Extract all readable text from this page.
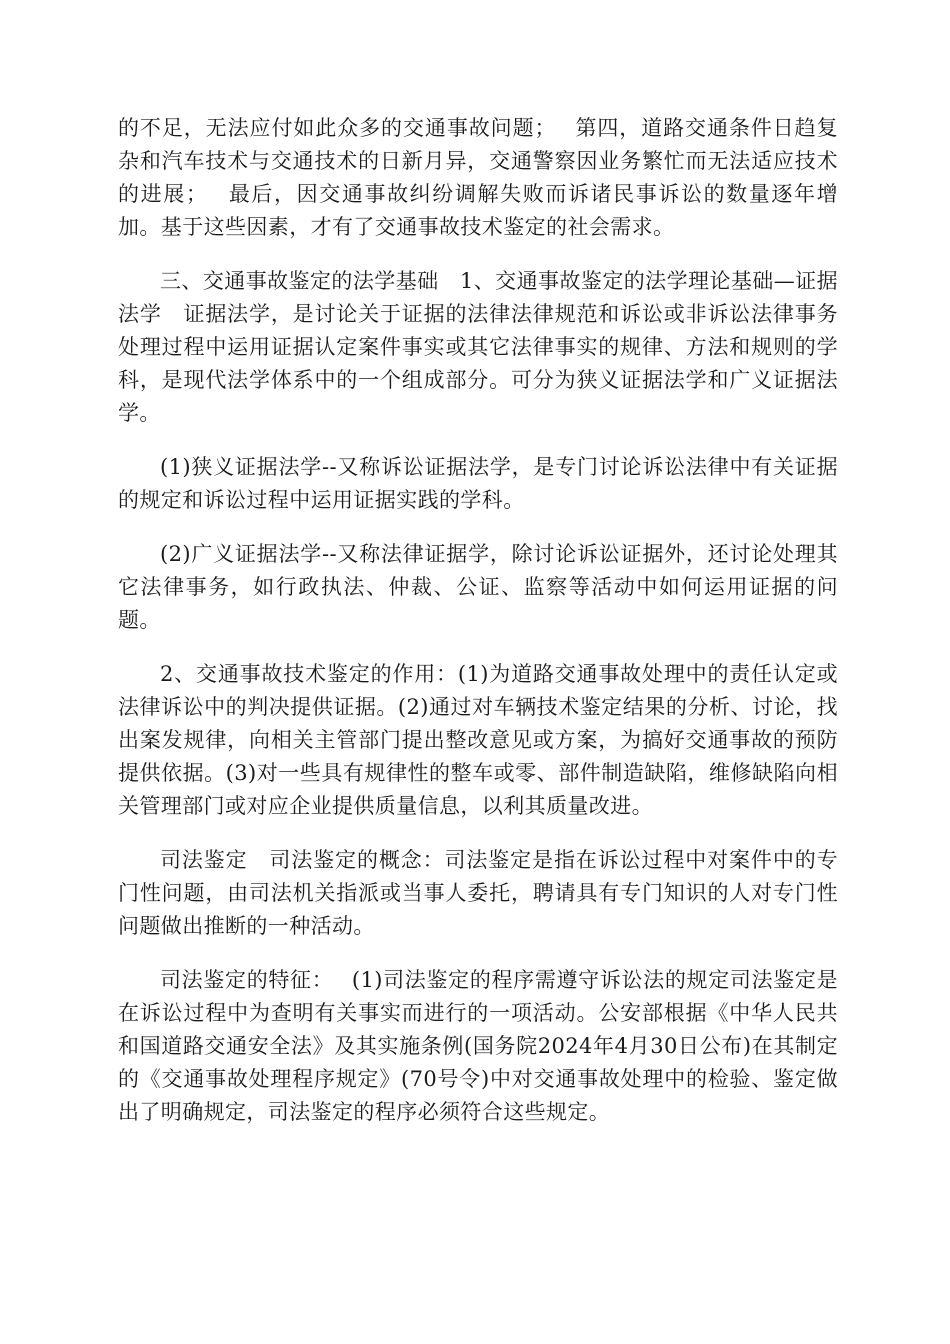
的不足，无法应付如此众多的交通事故问题；　 第四，道路交通条件日趋复杂和汽车技术与交通技术的日新月异，交通警察因业务繁忙而无法适应技术的进展；　 最后，因交通事故纠纷调解失败而诉诸民事诉讼的数量逐年增加。基于这些因素，才有了交通事故技术鉴定的社会需求。

三、交通事故鉴定的法学基础　1、交通事故鉴定的法学理论基础—证据法学　证据法学，是讨论关于证据的法律法律规范和诉讼或非诉讼法律事务处理过程中运用证据认定案件事实或其它法律事实的规律、方法和规则的学科，是现代法学体系中的一个组成部分。可分为狭义证据法学和广义证据法学。

(1)狭义证据法学--又称诉讼证据法学，是专门讨论诉讼法律中有关证据的规定和诉讼过程中运用证据实践的学科。

(2)广义证据法学--又称法律证据学，除讨论诉讼证据外，还讨论处理其它法律事务，如行政执法、仲裁、公证、监察等活动中如何运用证据的问题。

2、交通事故技术鉴定的作用：(1)为道路交通事故处理中的责任认定或法律诉讼中的判决提供证据。(2)通过对车辆技术鉴定结果的分析、讨论，找出案发规律，向相关主管部门提出整改意见或方案，为搞好交通事故的预防提供依据。(3)对一些具有规律性的整车或零、部件制造缺陷，维修缺陷向相关管理部门或对应企业提供质量信息，以利其质量改进。

司法鉴定　司法鉴定的概念：司法鉴定是指在诉讼过程中对案件中的专门性问题，由司法机关指派或当事人委托，聘请具有专门知识的人对专门性问题做出推断的一种活动。

司法鉴定的特征：　 (1)司法鉴定的程序需遵守诉讼法的规定司法鉴定是在诉讼过程中为查明有关事实而进行的一项活动。公安部根据《中华人民共和国道路交通安全法》及其实施条例(国务院2024年4月30日公布)在其制定的《交通事故处理程序规定》(70号令)中对交通事故处理中的检验、鉴定做出了明确规定，司法鉴定的程序必须符合这些规定。
